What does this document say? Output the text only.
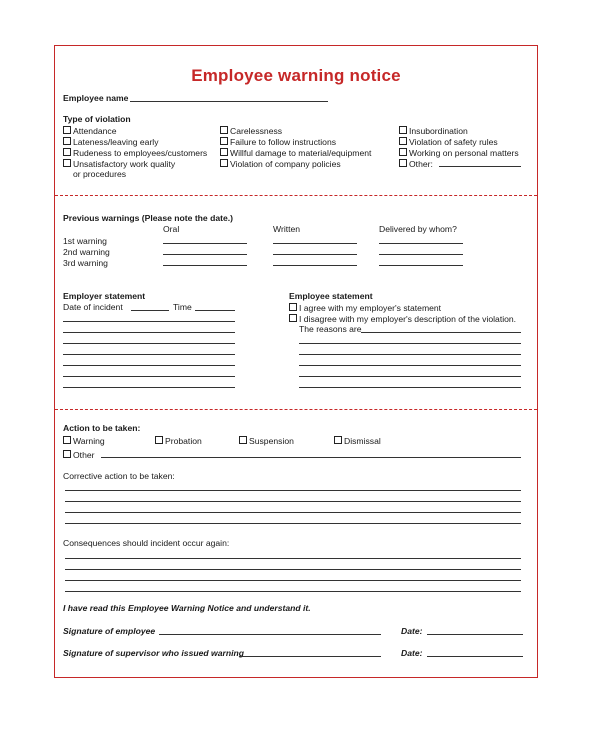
Employee warning notice
Employee name
Type of violation
Attendance
Lateness/leaving early
Rudeness to employees/customers
Unsatisfactory work quality
or procedures
Carelessness
Failure to follow instructions
Willful damage to material/equipment
Violation of company policies
Insubordination
Violation of safety rules
Working on personal matters
Other:
Previous warnings (Please note the date.)
Oral	Written	Delivered by whom?
1st warning
2nd warning
3rd warning
Employer statement
Date of incident	Time
Employee statement
I agree with my employer's statement
I disagree with my employer's description of the violation.
The reasons are
Action to be taken:
Warning	Probation	Suspension	Dismissal
Other
Corrective action to be taken:
Consequences should incident occur again:
I have read this Employee Warning Notice and understand it.
Signature of employee	Date:
Signature of supervisor who issued warning	Date:
